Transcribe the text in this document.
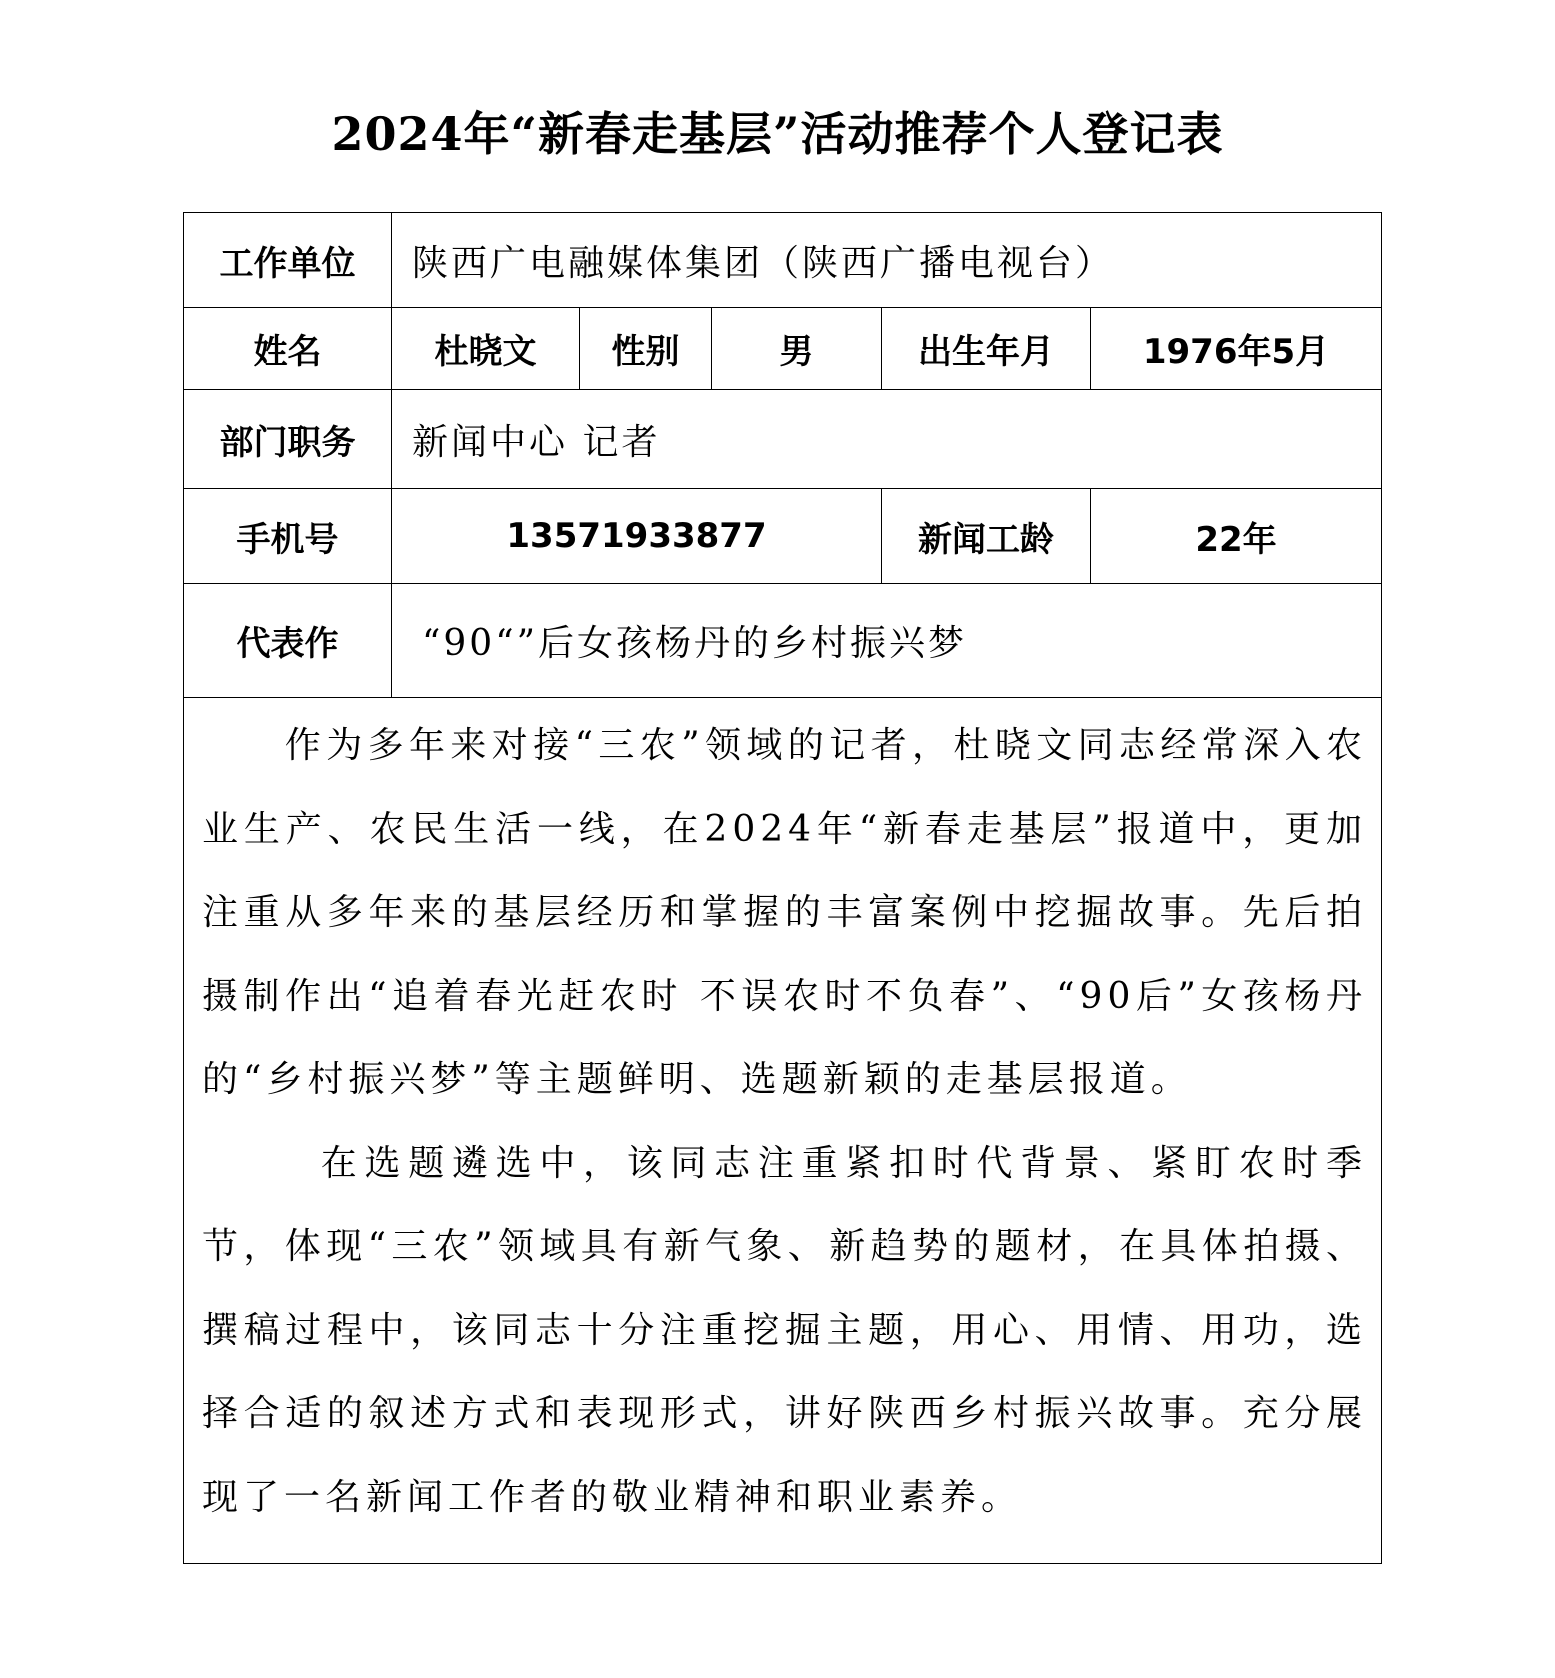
2024年“新春走基层”活动推荐个人登记表
工作单位	陕西广电融媒体集团（陕西广播电视台）				
姓名	杜晓文	性别	男	出生年月	1976年5月
部门职务	新闻中心 记者				
手机号	13571933877			新闻工龄	22年
代表作	“90“”后女孩杨丹的乡村振兴梦				

作为多年来对接“三农”领域的记者，杜晓文同志经常深入农业生产、农民生活一线，在2024年“新春走基层”报道中，更加注重从多年来的基层经历和掌握的丰富案例中挖掘故事。先后拍摄制作出“追着春光赶农时 不误农时不负春”、“90后”女孩杨丹的“乡村振兴梦”等主题鲜明、选题新颖的走基层报道。

在选题遴选中，该同志注重紧扣时代背景、紧盯农时季节，体现“三农”领域具有新气象、新趋势的题材，在具体拍摄、撰稿过程中，该同志十分注重挖掘主题，用心、用情、用功，选择合适的叙述方式和表现形式，讲好陕西乡村振兴故事。充分展现了一名新闻工作者的敬业精神和职业素养。					
